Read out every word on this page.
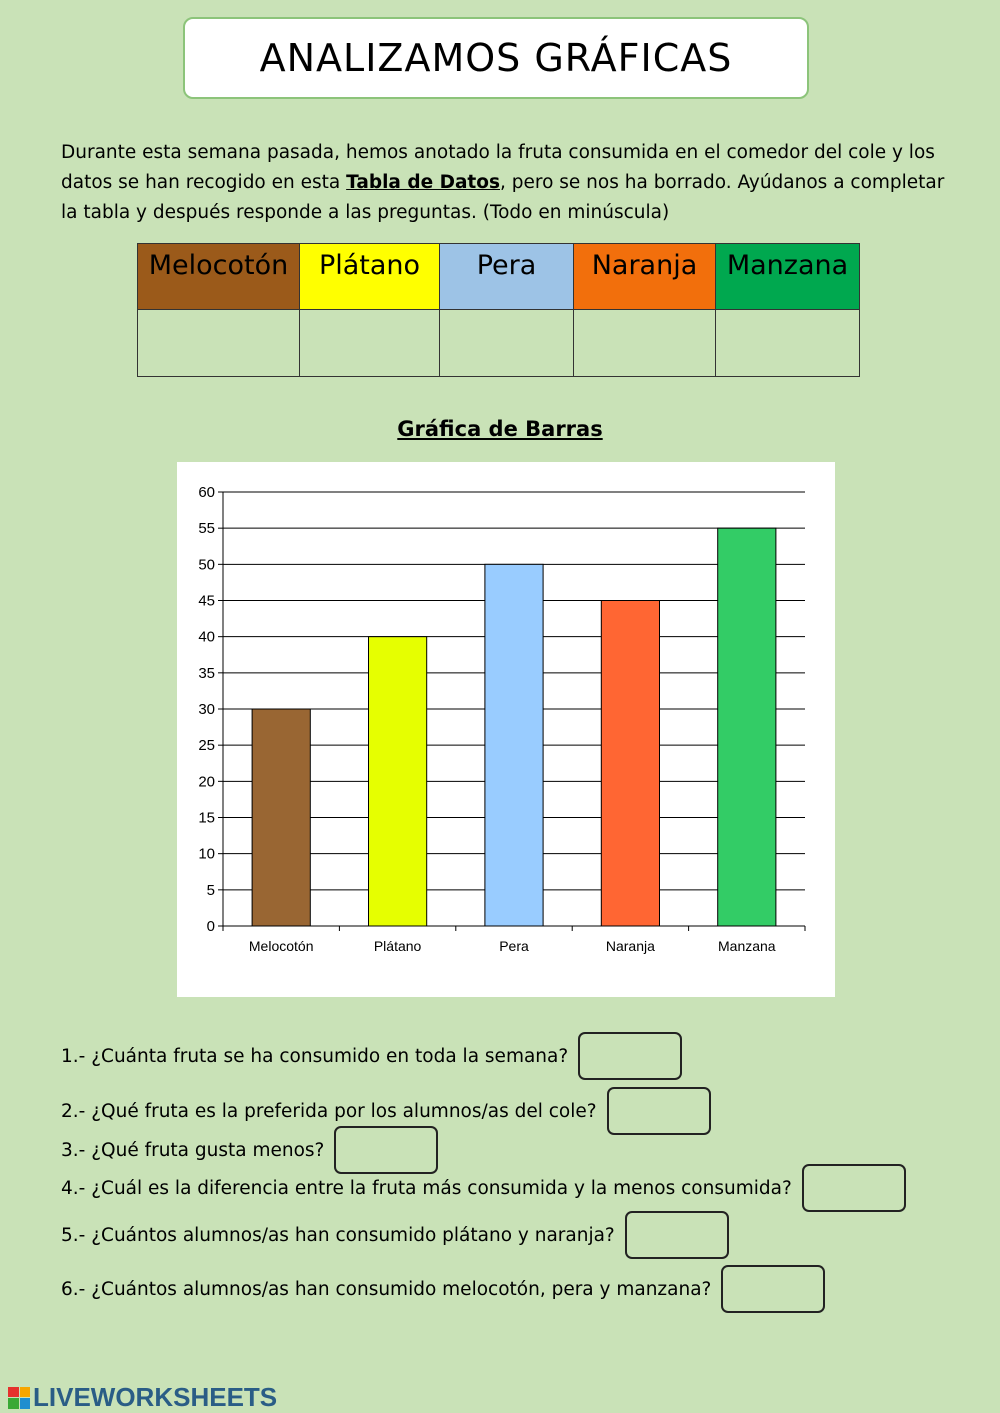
ANALIZAMOS GRÁFICAS
Durante esta semana pasada, hemos anotado la fruta consumida en el comedor del cole y los datos se han recogido en esta Tabla de Datos, pero se nos ha borrado. Ayúdanos a completar la tabla y después responde a las preguntas. (Todo en minúscula)
Melocotón	Plátano	Pera	Naranja	Manzana

Gráfica de Barras
0
5
10
15
20
25
30
35
40
45
50
55
60
Melocotón	Plátano	Pera	Naranja	Manzana
1.- ¿Cuánta fruta se ha consumido en toda la semana?
2.- ¿Qué fruta es la preferida por los alumnos/as del cole?
3.- ¿Qué fruta gusta menos?
4.- ¿Cuál es la diferencia entre la fruta más consumida y la menos consumida?
5.- ¿Cuántos alumnos/as han consumido plátano y naranja?
6.- ¿Cuántos alumnos/as han consumido melocotón, pera y manzana?
LIVEWORKSHEETS
